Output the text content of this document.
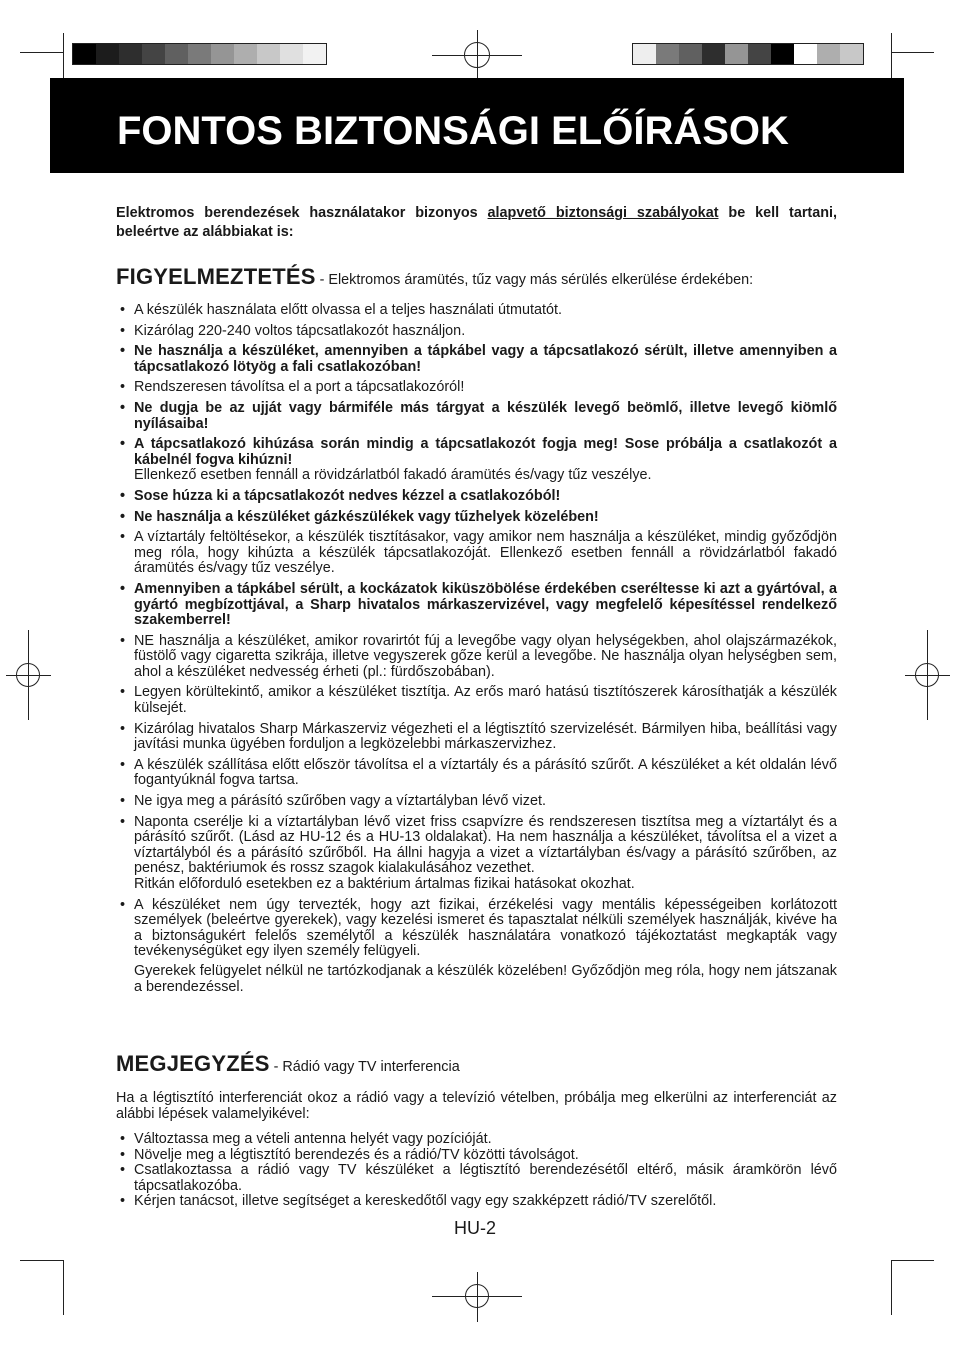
FONTOS BIZTONSÁGI ELŐÍRÁSOK
Elektromos berendezések használatakor bizonyos alapvető biztonsági szabályokat be kell tartani, beleértve az alábbiakat is:
FIGYELMEZTETÉS - Elektromos áramütés, tűz vagy más sérülés elkerülése érdekében:
• A készülék használata előtt olvassa el a teljes használati útmutatót.
• Kizárólag 220-240 voltos tápcsatlakozót használjon.
• Ne használja a készüléket, amennyiben a tápkábel vagy a tápcsatlakozó sérült, illetve amennyiben a tápcsatlakozó lötyög a fali csatlakozóban!
• Rendszeresen távolítsa el a port a tápcsatlakozóról!
• Ne dugja be az ujját vagy bármiféle más tárgyat a készülék levegő beömlő, illetve levegő kiömlő nyílásaiba!
• A tápcsatlakozó kihúzása során mindig a tápcsatlakozót fogja meg! Sose próbálja a csatlakozót a kábelnél fogva kihúzni!
Ellenkező esetben fennáll a rövidzárlatból fakadó áramütés és/vagy tűz veszélye.
• Sose húzza ki a tápcsatlakozót nedves kézzel a csatlakozóból!
• Ne használja a készüléket gázkészülékek vagy tűzhelyek közelében!
• A víztartály feltöltésekor, a készülék tisztításakor, vagy amikor nem használja a készüléket, mindig győződjön meg róla, hogy kihúzta a készülék tápcsatlakozóját. Ellenkező esetben fennáll a rövidzárlatból fakadó áramütés és/vagy tűz veszélye.
• Amennyiben a tápkábel sérült, a kockázatok kiküszöbölése érdekében cseréltesse ki azt a gyártóval, a gyártó megbízottjával, a Sharp hivatalos márkaszervizével, vagy megfelelő képesítéssel rendelkező szakemberrel!
• NE használja a készüléket, amikor rovarirtót fúj a levegőbe vagy olyan helységekben, ahol olajszármazékok, füstölő vagy cigaretta szikrája, illetve vegyszerek gőze kerül a levegőbe. Ne használja olyan helységben sem, ahol a készüléket nedvesség érheti (pl.: fürdőszobában).
• Legyen körültekintő, amikor a készüléket tisztítja. Az erős maró hatású tisztítószerek károsíthatják a készülék külsejét.
• Kizárólag hivatalos Sharp Márkaszerviz végezheti el a légtisztító szervizelését. Bármilyen hiba, beállítási vagy javítási munka ügyében forduljon a legközelebbi márkaszervizhez.
• A készülék szállítása előtt először távolítsa el a víztartály és a párásító szűrőt. A készüléket a két oldalán lévő fogantyúknál fogva tartsa.
• Ne igya meg a párásító szűrőben vagy a víztartályban lévő vizet.
• Naponta cserélje ki a víztartályban lévő vizet friss csapvízre és rendszeresen tisztítsa meg a víztartályt és a párásító szűrőt. (Lásd az HU-12 és a HU-13 oldalakat). Ha nem használja a készüléket, távolítsa el a vizet a víztartályból és a párásító szűrőből. Ha állni hagyja a vizet a víztartályban és/vagy a párásító szűrőben, az penész, baktériumok és rossz szagok kialakulásához vezethet.
Ritkán előforduló esetekben ez a baktérium ártalmas fizikai hatásokat okozhat.
• A készüléket nem úgy tervezték, hogy azt fizikai, érzékelési vagy mentális képességeiben korlátozott személyek (beleértve gyerekek), vagy kezelési ismeret és tapasztalat nélküli személyek használják, kivéve ha a biztonságukért felelős személytől a készülék használatára vonatkozó tájékoztatást megkapták vagy tevékenységüket egy ilyen személy felügyeli.
Gyerekek felügyelet nélkül ne tartózkodjanak a készülék közelében! Győződjön meg róla, hogy nem játszanak a berendezéssel.
MEGJEGYZÉS - Rádió vagy TV interferencia
Ha a légtisztító interferenciát okoz a rádió vagy a televízió vételben, próbálja meg elkerülni az interferenciát az alábbi lépések valamelyikével:
• Változtassa meg a vételi antenna helyét vagy pozícióját.
• Növelje meg a légtisztító berendezés és a rádió/TV közötti távolságot.
• Csatlakoztassa a rádió vagy TV készüléket a légtisztító berendezésétől eltérő, másik áramkörön lévő tápcsatlakozóba.
• Kérjen tanácsot, illetve segítséget a kereskedőtől vagy egy szakképzett rádió/TV szerelőtől.
HU-2
